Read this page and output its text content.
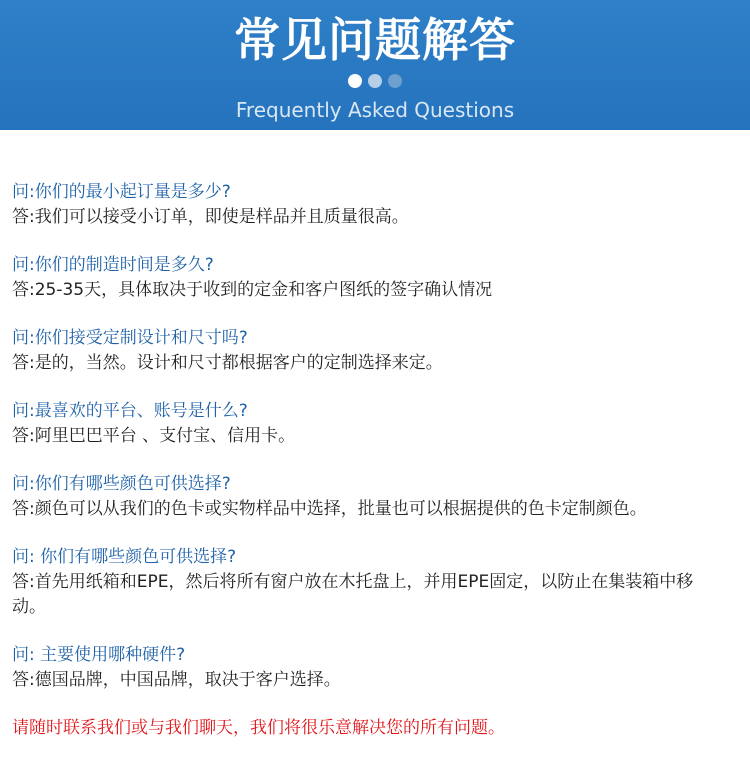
常见问题解答
Frequently Asked Questions
问:你们的最小起订量是多少?
答:我们可以接受小订单，即使是样品并且质量很高。
问:你们的制造时间是多久?
答:25-35天，具体取决于收到的定金和客户图纸的签字确认情况
问:你们接受定制设计和尺寸吗?
答:是的，当然。设计和尺寸都根据客户的定制选择来定。
问:最喜欢的平台、账号是什么?
答:阿里巴巴平台 、支付宝、信用卡。
问:你们有哪些颜色可供选择?
答:颜色可以从我们的色卡或实物样品中选择，批量也可以根据提供的色卡定制颜色。
问: 你们有哪些颜色可供选择?
答:首先用纸箱和EPE，然后将所有窗户放在木托盘上，并用EPE固定，以防止在集装箱中移动。
问: 主要使用哪种硬件?
答:德国品牌，中国品牌，取决于客户选择。
请随时联系我们或与我们聊天，我们将很乐意解决您的所有问题。
